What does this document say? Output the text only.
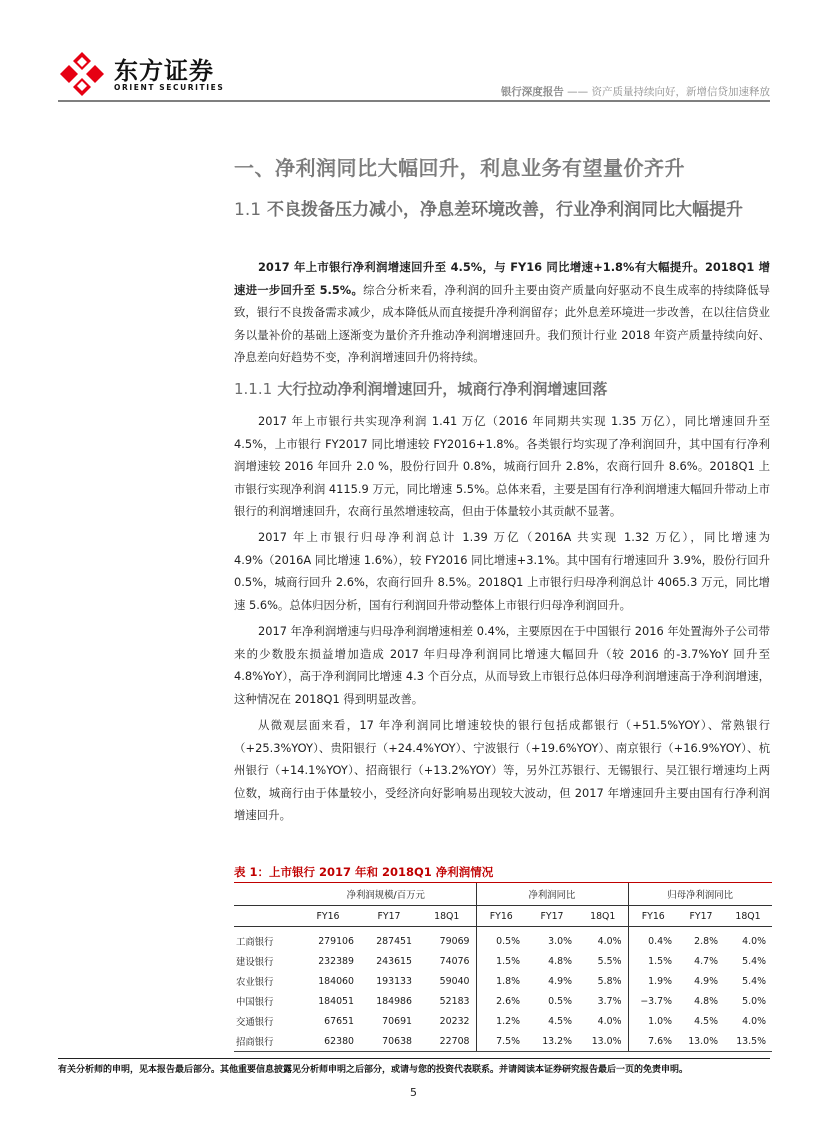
东方证券
ORIENT SECURITIES	银行深度报告 —— 资产质量持续向好，新增信贷加速释放
一、净利润同比大幅回升，利息业务有望量价齐升
1.1 不良拨备压力减小，净息差环境改善，行业净利润同比大幅提升
2017 年上市银行净利润增速回升至 4.5%，与 FY16 同比增速+1.8%有大幅提升。2018Q1 增速进一步回升至 5.5%。综合分析来看，净利润的回升主要由资产质量向好驱动不良生成率的持续降低导致，银行不良拨备需求减少，成本降低从而直接提升净利润留存；此外息差环境进一步改善，在以往信贷业务以量补价的基础上逐渐变为量价齐升推动净利润增速回升。我们预计行业 2018 年资产质量持续向好、净息差向好趋势不变，净利润增速回升仍将持续。
1.1.1 大行拉动净利润增速回升，城商行净利润增速回落
2017 年上市银行共实现净利润 1.41 万亿（2016 年同期共实现 1.35 万亿），同比增速回升至 4.5%，上市银行 FY2017 同比增速较 FY2016+1.8%。各类银行均实现了净利润回升，其中国有行净利润增速较 2016 年回升 2.0 %，股份行回升 0.8%，城商行回升 2.8%，农商行回升 8.6%。2018Q1 上市银行实现净利润 4115.9 万元，同比增速 5.5%。总体来看，主要是国有行净利润增速大幅回升带动上市银行的利润增速回升，农商行虽然增速较高，但由于体量较小其贡献不显著。
2017 年上市银行归母净利润总计 1.39 万亿（2016A 共实现 1.32 万亿），同比增速为 4.9%（2016A 同比增速 1.6%），较 FY2016 同比增速+3.1%。其中国有行增速回升 3.9%，股份行回升 0.5%，城商行回升 2.6%，农商行回升 8.5%。2018Q1 上市银行归母净利润总计 4065.3 万元，同比增速 5.6%。总体归因分析，国有行利润回升带动整体上市银行归母净利润回升。
2017 年净利润增速与归母净利润增速相差 0.4%，主要原因在于中国银行 2016 年处置海外子公司带来的少数股东损益增加造成 2017 年归母净利润同比增速大幅回升（较 2016 的-3.7%YoY 回升至 4.8%YoY），高于净利润同比增速 4.3 个百分点，从而导致上市银行总体归母净利润增速高于净利润增速，这种情况在 2018Q1 得到明显改善。
从微观层面来看，17 年净利润同比增速较快的银行包括成都银行（+51.5%YOY）、常熟银行（+25.3%YOY）、贵阳银行（+24.4%YOY）、宁波银行（+19.6%YOY）、南京银行（+16.9%YOY）、杭州银行（+14.1%YOY）、招商银行（+13.2%YOY）等，另外江苏银行、无锡银行、吴江银行增速均上两位数，城商行由于体量较小，受经济向好影响易出现较大波动，但 2017 年增速回升主要由国有行净利润增速回升。
表 1：上市银行 2017 年和 2018Q1 净利润情况
	净利润规模/百万元			净利润同比			归母净利润同比		
	FY16	FY17	18Q1	FY16	FY17	18Q1	FY16	FY17	18Q1
工商银行	279106	287451	79069	0.5%	3.0%	4.0%	0.4%	2.8%	4.0%
建设银行	232389	243615	74076	1.5%	4.8%	5.5%	1.5%	4.7%	5.4%
农业银行	184060	193133	59040	1.8%	4.9%	5.8%	1.9%	4.9%	5.4%
中国银行	184051	184986	52183	2.6%	0.5%	3.7%	−3.7%	4.8%	5.0%
交通银行	67651	70691	20232	1.2%	4.5%	4.0%	1.0%	4.5%	4.0%
招商银行	62380	70638	22708	7.5%	13.2%	13.0%	7.6%	13.0%	13.5%
有关分析师的申明，见本报告最后部分。其他重要信息披露见分析师申明之后部分，或请与您的投资代表联系。并请阅读本证券研究报告最后一页的免责申明。
5
